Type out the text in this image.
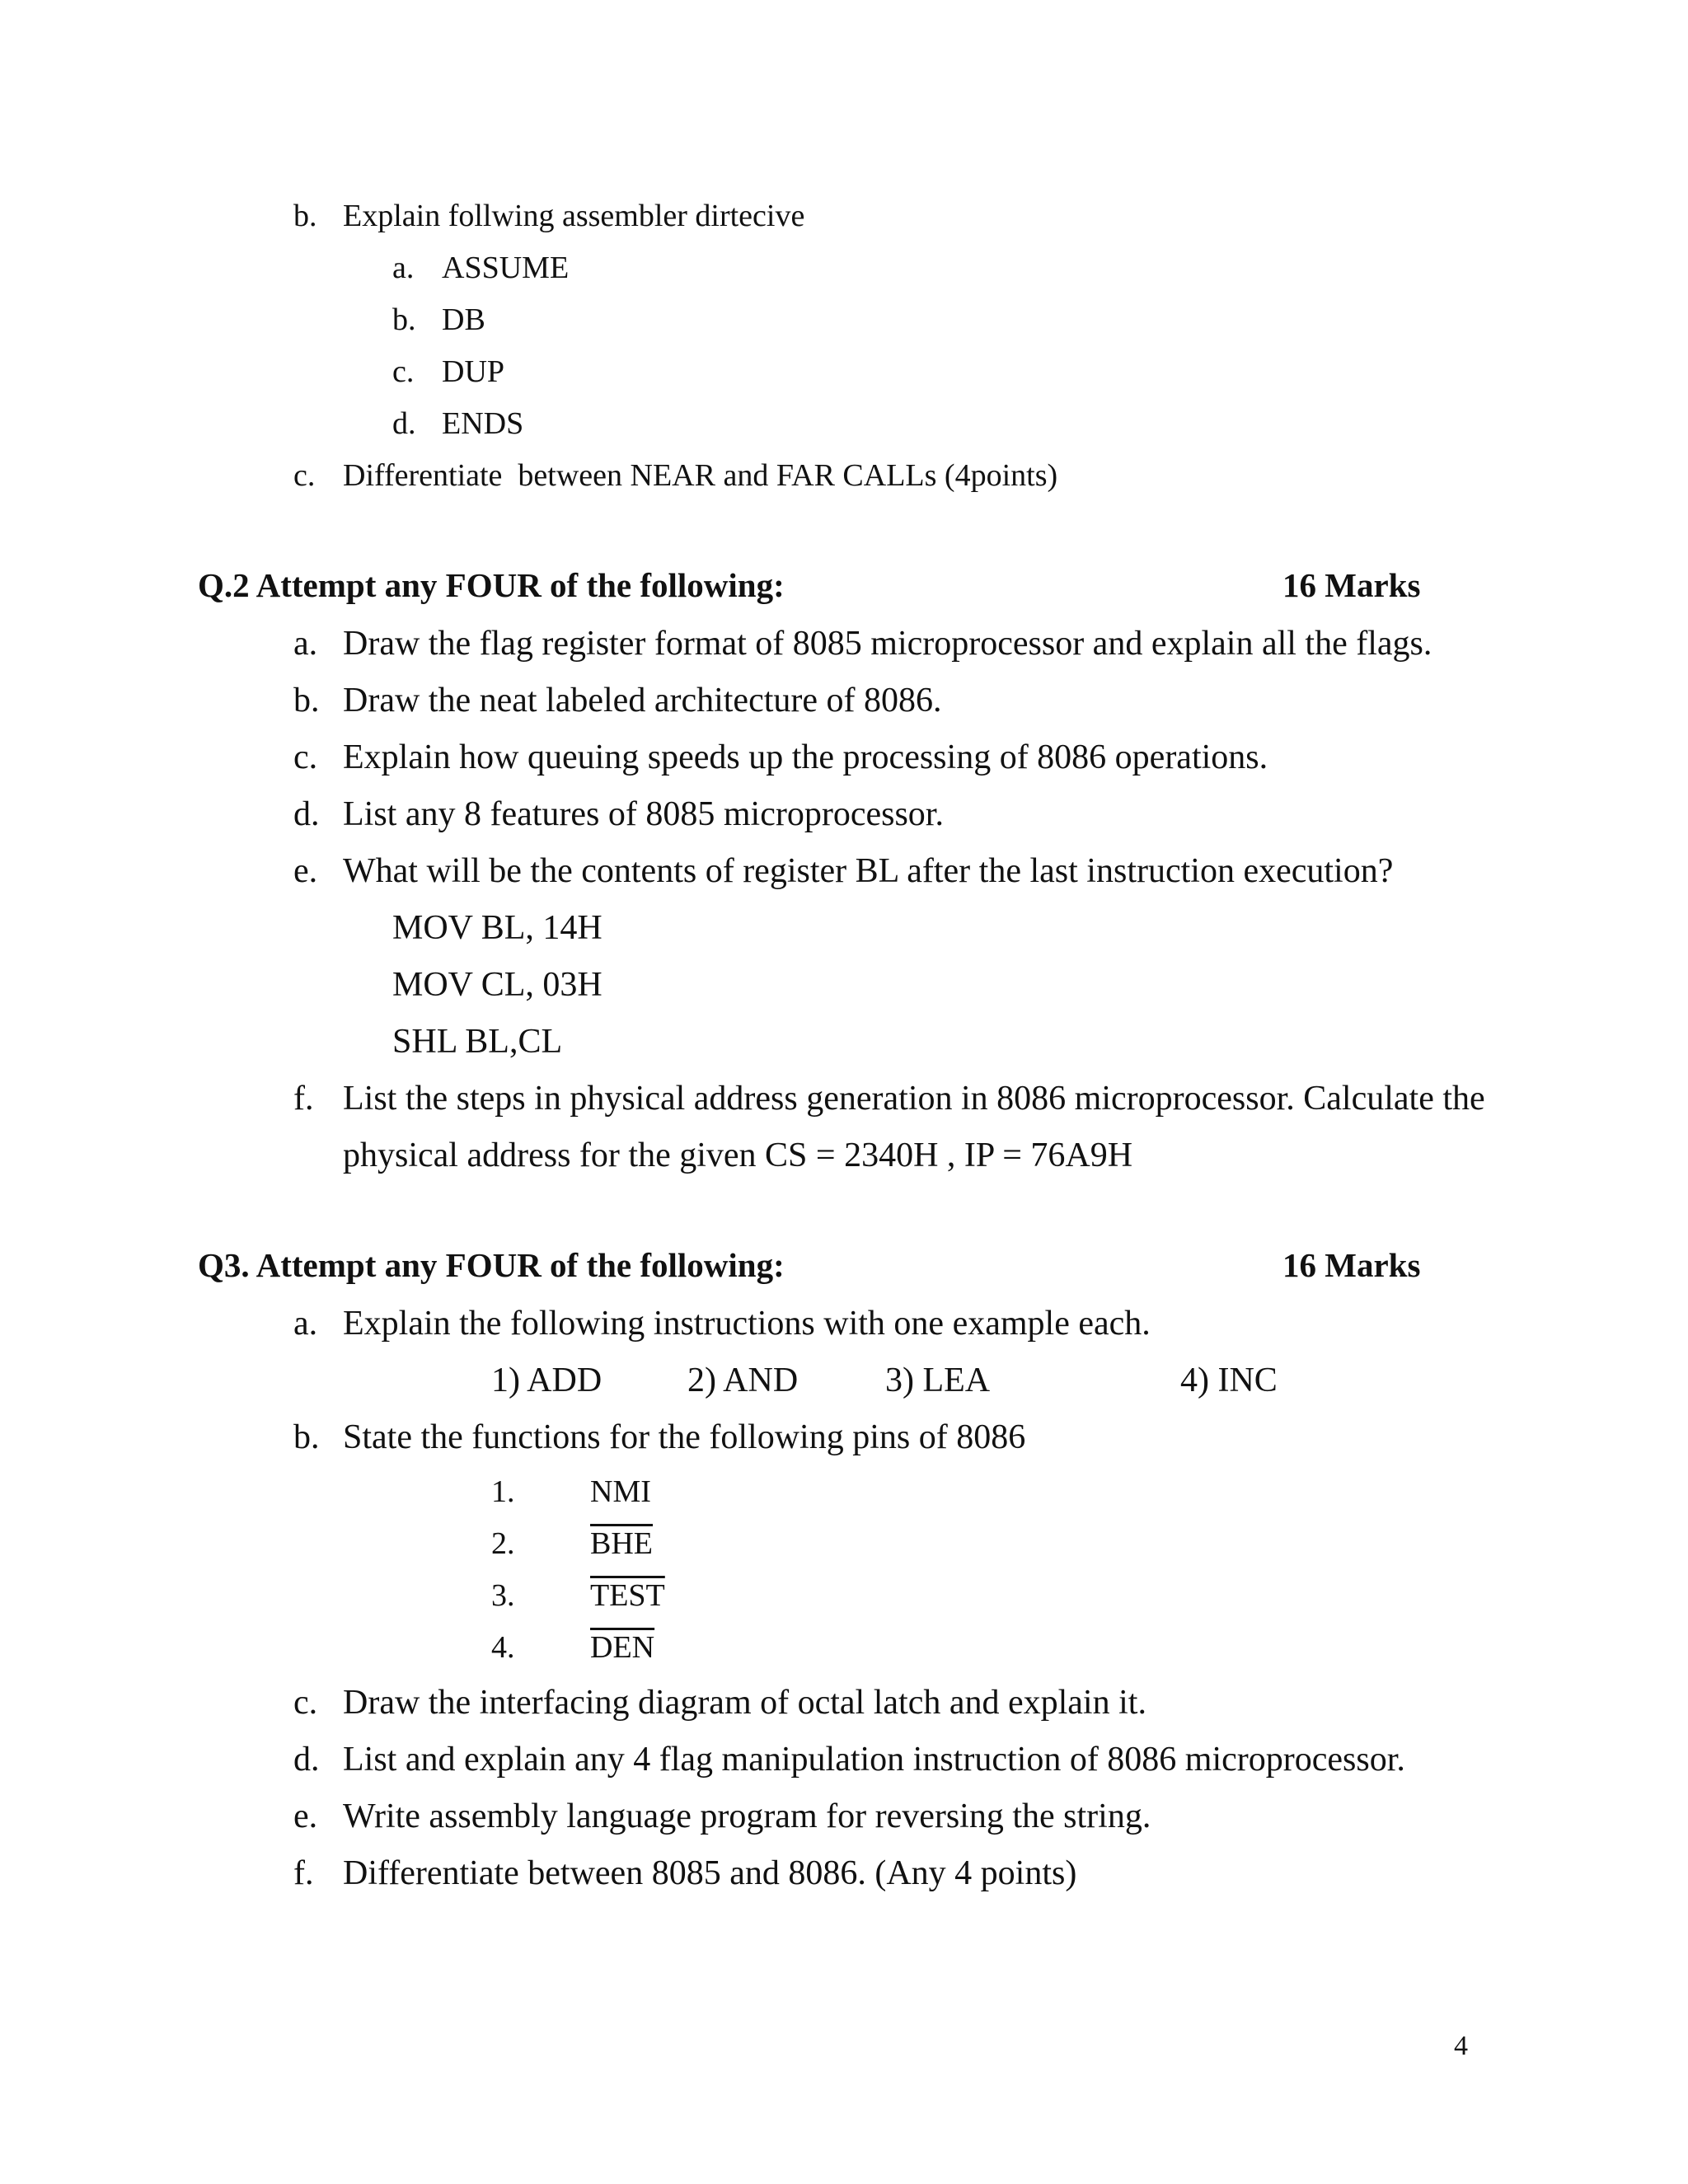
b. Explain follwing assembler dirtecive
a. ASSUME
b. DB
c. DUP
d. ENDS
c. Differentiate  between NEAR and FAR CALLs (4points)
Q.2 Attempt any FOUR of the following:	16 Marks
a. Draw the flag register format of 8085 microprocessor and explain all the flags.
b. Draw the neat labeled architecture of 8086.
c. Explain how queuing speeds up the processing of 8086 operations.
d. List any 8 features of 8085 microprocessor.
e. What will be the contents of register BL after the last instruction execution?
MOV BL, 14H
MOV CL, 03H
SHL BL,CL
f. List the steps in physical address generation in 8086 microprocessor. Calculate the
physical address for the given CS = 2340H , IP = 76A9H
Q3. Attempt any FOUR of the following:	16 Marks
a. Explain the following instructions with one example each.
1) ADD 2) AND	3) LEA	4) INC
b. State the functions for the following pins of 8086
1. NMI
2. $\overline{BHE}$
3. TEST
4. $\overline{DEN}$
c. Draw the interfacing diagram of octal latch and explain it.
d. List and explain any 4 flag manipulation instruction of 8086 microprocessor.
e. Write assembly language program for reversing the string.
f. Differentiate between 8085 and 8086. (Any 4 points)
4
